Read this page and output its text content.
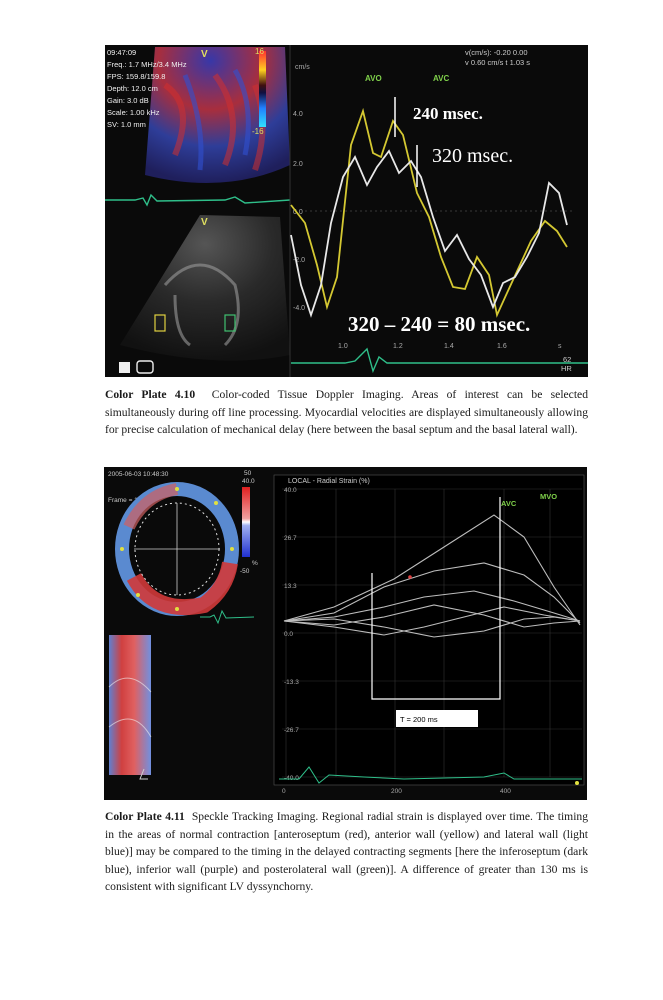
16
-16
V
09:47:09
Freq.: 1.7 MHz/3.4 MHz
FPS: 159.8/159.8
Depth: 12.0 cm
Gain: 3.0 dB
Scale: 1.00 kHz
SV: 1.0 mm
V
cm/s
v(cm/s): -0.20 0.00
v 0.60 cm/s t 1.03 s
AVO	AVC
4.0
2.0
0.0
-2.0
-4.0
1.0	1.2	1.4	1.6	s
62 HR
240 msec.
320 msec.
320 – 240 = 80 msec.
Color Plate 4.10 Color-coded Tissue Doppler Imaging. Areas of interest can be selected simultaneously during off line processing. Myocardial velocities are displayed simultaneously allowing for precise calculation of mechanical delay (here between the basal septum and the basal lateral wall).
2005-06-03 10:48:30
Frame = 14
50
40.0
%
-50
LOCAL - Radial Strain (%)
40.0
26.7
13.3
0.0
-13.3
-26.7
-40.0
0	200	400
AVC
MVO
T = 200 ms
Color Plate 4.11 Speckle Tracking Imaging. Regional radial strain is displayed over time. The timing in the areas of normal contraction [anteroseptum (red), anterior wall (yellow) and lateral wall (light blue)] may be compared to the timing in the delayed contracting segments [here the inferoseptum (dark blue), inferior wall (purple) and posterolateral wall (green)]. A difference of greater than 130 ms is consistent with significant LV dyssynchorny.
